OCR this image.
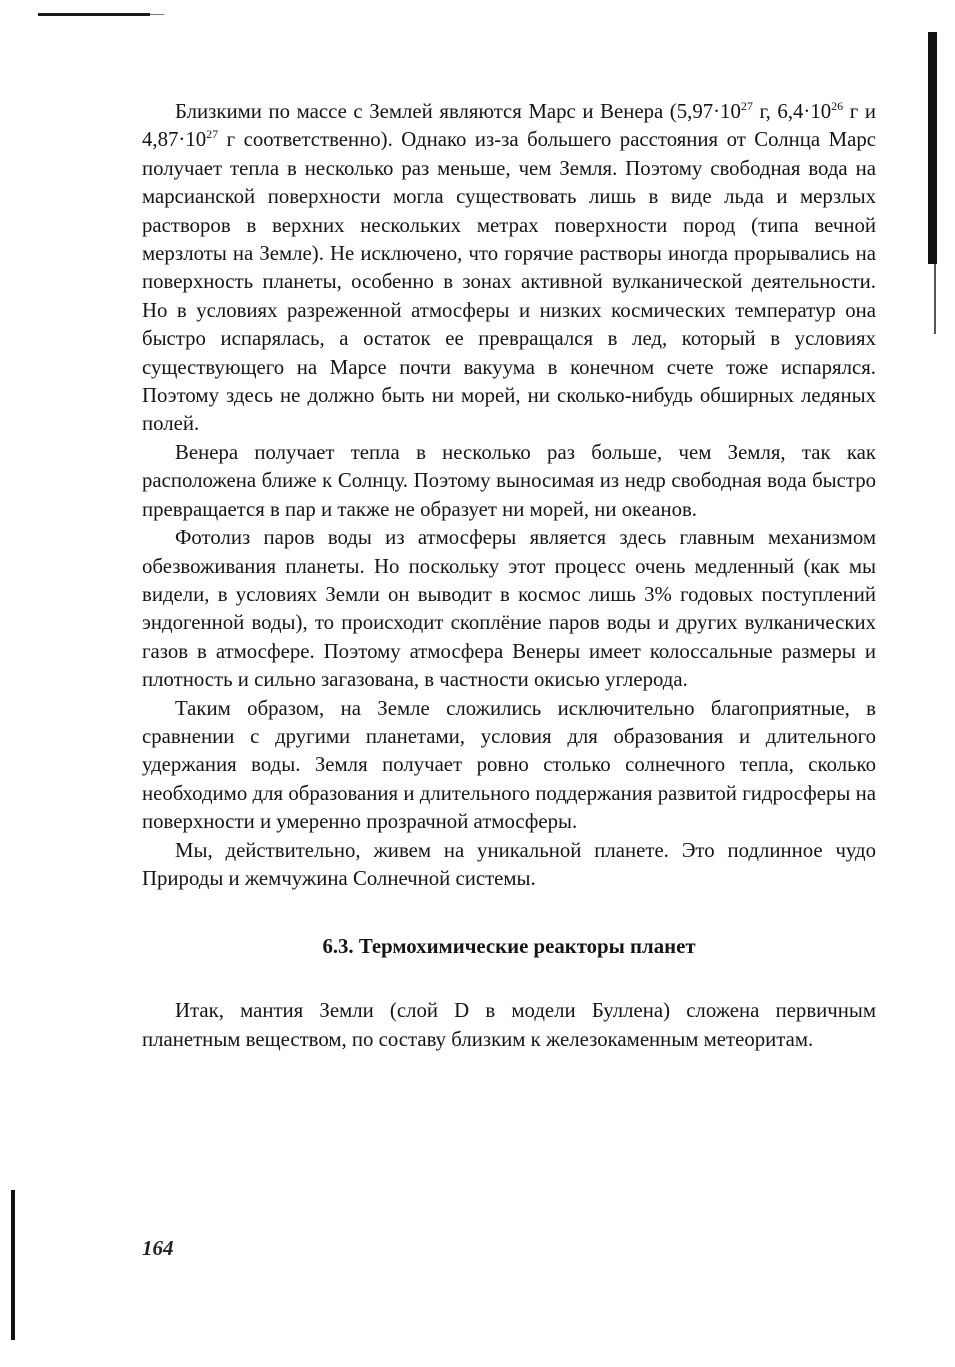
Близкими по массе с Землей являются Марс и Венера ($5,97\cdot 10^{27}$ г, $6,4\cdot 10^{26}$ г и $4,87\cdot 10^{27}$ г соответственно). Однако из-за большего расстояния от Солнца Марс получает тепла в несколько раз меньше, чем Земля. Поэтому свободная вода на марсианской поверхности могла существовать лишь в виде льда и мерзлых растворов в верхних нескольких метрах поверхности пород (типа вечной мерзлоты на Земле). Не исключено, что горячие растворы иногда прорывались на поверхность планеты, особенно в зонах активной вулканической деятельности. Но в условиях разреженной атмосферы и низких космических температур она быстро испарялась, а остаток ее превращался в лед, который в условиях существующего на Марсе почти вакуума в конечном счете тоже испарялся. Поэтому здесь не должно быть ни морей, ни сколько-нибудь обширных ледяных полей.

Венера получает тепла в несколько раз больше, чем Земля, так как расположена ближе к Солнцу. Поэтому выносимая из недр свободная вода быстро превращается в пар и также не образует ни морей, ни океанов.

Фотолиз паров воды из атмосферы является здесь главным механизмом обезвоживания планеты. Но поскольку этот процесс очень медленный (как мы видели, в условиях Земли он выводит в космос лишь 3% годовых поступлений эндогенной воды), то происходит скоплёние паров воды и других вулканических газов в атмосфере. Поэтому атмосфера Венеры имеет колоссальные размеры и плотность и сильно загазована, в частности окисью углерода.

Таким образом, на Земле сложились исключительно благоприятные, в сравнении с другими планетами, условия для образования и длительного удержания воды. Земля получает ровно столько солнечного тепла, сколько необходимо для образования и длительного поддержания развитой гидросферы на поверхности и умеренно прозрачной атмосферы.

Мы, действительно, живем на уникальной планете. Это подлинное чудо Природы и жемчужина Солнечной системы.

6.3. Термохимические реакторы планет

Итак, мантия Земли (слой D в модели Буллена) сложена первичным планетным веществом, по составу близким к железокаменным метеоритам.

164
